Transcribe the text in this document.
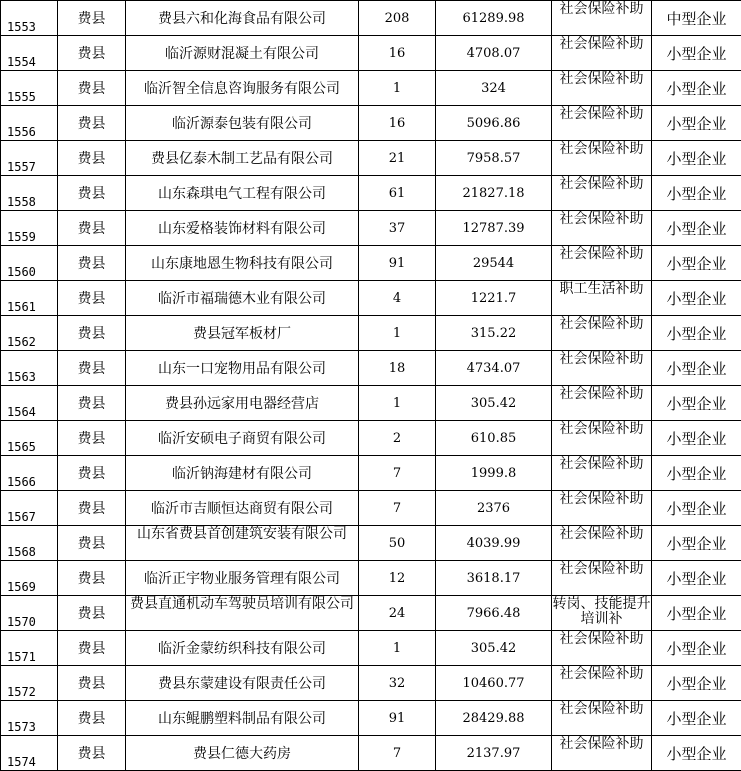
1553	费县	费县六和化海食品有限公司	208	61289.98	社会保险补助	中型企业
1554	费县	临沂源财混凝土有限公司	16	4708.07	社会保险补助	小型企业
1555	费县	临沂智全信息咨询服务有限公司	1	324	社会保险补助	小型企业
1556	费县	临沂源泰包装有限公司	16	5096.86	社会保险补助	小型企业
1557	费县	费县亿泰木制工艺品有限公司	21	7958.57	社会保险补助	小型企业
1558	费县	山东森琪电气工程有限公司	61	21827.18	社会保险补助	小型企业
1559	费县	山东爱格装饰材料有限公司	37	12787.39	社会保险补助	小型企业
1560	费县	山东康地恩生物科技有限公司	91	29544	社会保险补助	小型企业
1561	费县	临沂市福瑞德木业有限公司	4	1221.7	职工生活补助	小型企业
1562	费县	费县冠军板材厂	1	315.22	社会保险补助	小型企业
1563	费县	山东一口宠物用品有限公司	18	4734.07	社会保险补助	小型企业
1564	费县	费县孙远家用电器经营店	1	305.42	社会保险补助	小型企业
1565	费县	临沂安硕电子商贸有限公司	2	610.85	社会保险补助	小型企业
1566	费县	临沂钠海建材有限公司	7	1999.8	社会保险补助	小型企业
1567	费县	临沂市吉顺恒达商贸有限公司	7	2376	社会保险补助	小型企业
1568	费县	山东省费县首创建筑安装有限公司	50	4039.99	社会保险补助	小型企业
1569	费县	临沂正宇物业服务管理有限公司	12	3618.17	社会保险补助	小型企业
1570	费县	费县直通机动车驾驶员培训有限公司	24	7966.48	转岗、技能提升培训补	小型企业
1571	费县	临沂金蒙纺织科技有限公司	1	305.42	社会保险补助	小型企业
1572	费县	费县东蒙建设有限责任公司	32	10460.77	社会保险补助	小型企业
1573	费县	山东鲲鹏塑料制品有限公司	91	28429.88	社会保险补助	小型企业
1574	费县	费县仁德大药房	7	2137.97	社会保险补助	小型企业
